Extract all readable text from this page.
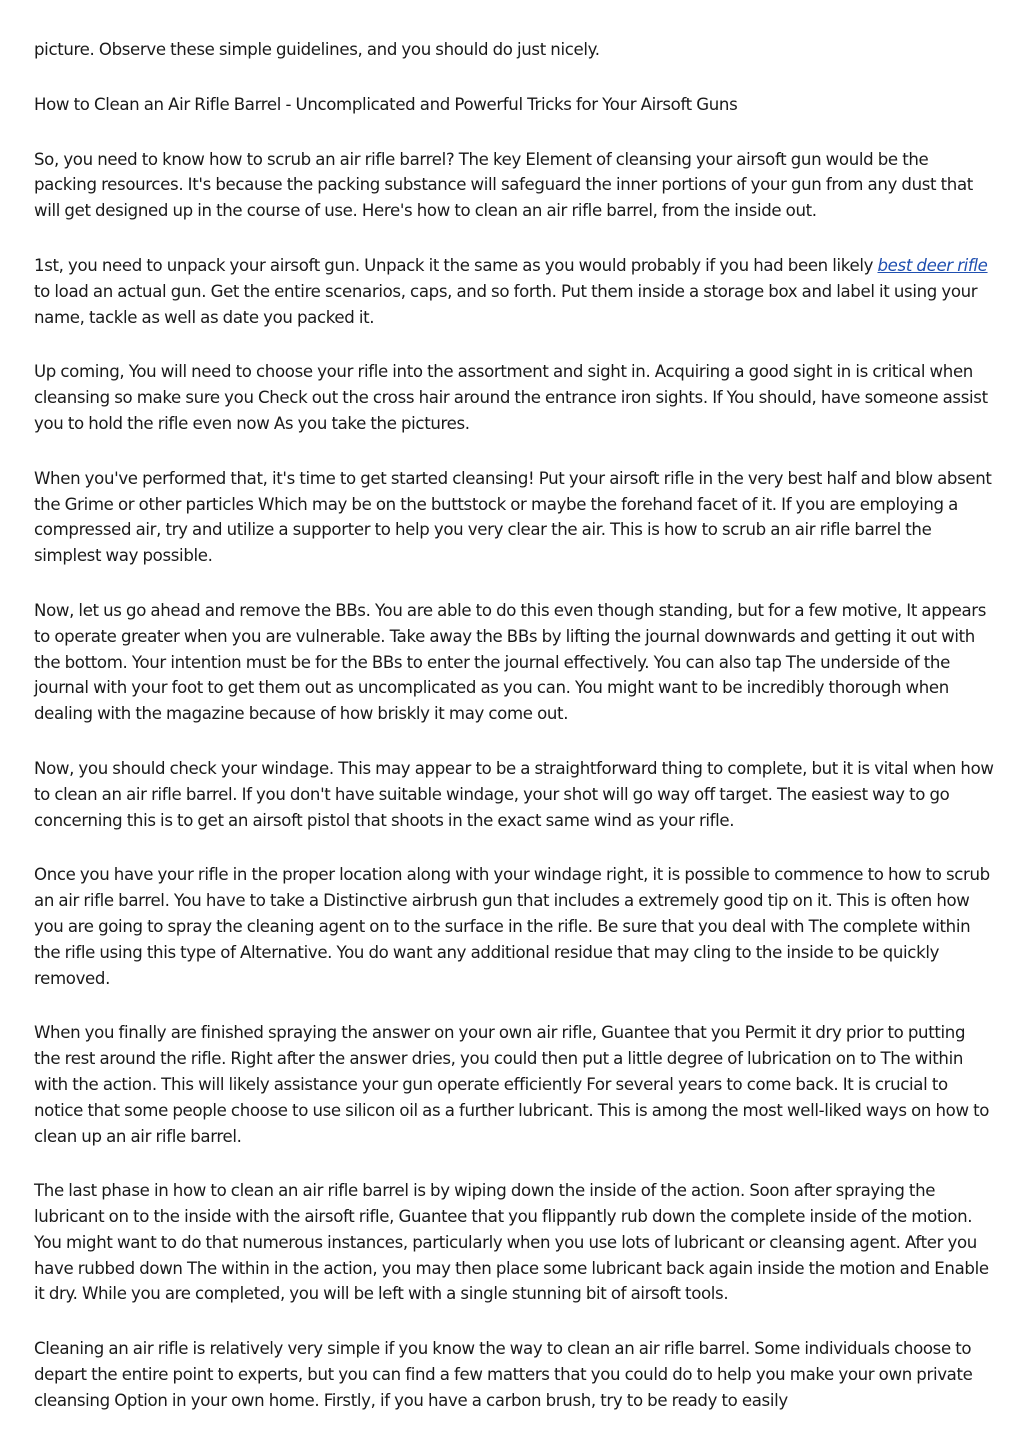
picture. Observe these simple guidelines, and you should do just nicely.

How to Clean an Air Rifle Barrel - Uncomplicated and Powerful Tricks for Your Airsoft Guns

So, you need to know how to scrub an air rifle barrel? The key Element of cleansing your airsoft gun would be the packing resources. It's because the packing substance will safeguard the inner portions of your gun from any dust that will get designed up in the course of use. Here's how to clean an air rifle barrel, from the inside out.

1st, you need to unpack your airsoft gun. Unpack it the same as you would probably if you had been likely best deer rifle to load an actual gun. Get the entire scenarios, caps, and so forth. Put them inside a storage box and label it using your name, tackle as well as date you packed it.

Up coming, You will need to choose your rifle into the assortment and sight in. Acquiring a good sight in is critical when cleansing so make sure you Check out the cross hair around the entrance iron sights. If You should, have someone assist you to hold the rifle even now As you take the pictures.

When you've performed that, it's time to get started cleansing! Put your airsoft rifle in the very best half and blow absent the Grime or other particles Which may be on the buttstock or maybe the forehand facet of it. If you are employing a compressed air, try and utilize a supporter to help you very clear the air. This is how to scrub an air rifle barrel the simplest way possible.

Now, let us go ahead and remove the BBs. You are able to do this even though standing, but for a few motive, It appears to operate greater when you are vulnerable. Take away the BBs by lifting the journal downwards and getting it out with the bottom. Your intention must be for the BBs to enter the journal effectively. You can also tap The underside of the journal with your foot to get them out as uncomplicated as you can. You might want to be incredibly thorough when dealing with the magazine because of how briskly it may come out.

Now, you should check your windage. This may appear to be a straightforward thing to complete, but it is vital when how to clean an air rifle barrel. If you don't have suitable windage, your shot will go way off target. The easiest way to go concerning this is to get an airsoft pistol that shoots in the exact same wind as your rifle.

Once you have your rifle in the proper location along with your windage right, it is possible to commence to how to scrub an air rifle barrel. You have to take a Distinctive airbrush gun that includes a extremely good tip on it. This is often how you are going to spray the cleaning agent on to the surface in the rifle. Be sure that you deal with The complete within the rifle using this type of Alternative. You do want any additional residue that may cling to the inside to be quickly removed.

When you finally are finished spraying the answer on your own air rifle, Guantee that you Permit it dry prior to putting the rest around the rifle. Right after the answer dries, you could then put a little degree of lubrication on to The within with the action. This will likely assistance your gun operate efficiently For several years to come back. It is crucial to notice that some people choose to use silicon oil as a further lubricant. This is among the most well-liked ways on how to clean up an air rifle barrel.

The last phase in how to clean an air rifle barrel is by wiping down the inside of the action. Soon after spraying the lubricant on to the inside with the airsoft rifle, Guantee that you flippantly rub down the complete inside of the motion. You might want to do that numerous instances, particularly when you use lots of lubricant or cleansing agent. After you have rubbed down The within in the action, you may then place some lubricant back again inside the motion and Enable it dry. While you are completed, you will be left with a single stunning bit of airsoft tools.

Cleaning an air rifle is relatively very simple if you know the way to clean an air rifle barrel. Some individuals choose to depart the entire point to experts, but you can find a few matters that you could do to help you make your own private cleansing Option in your own home. Firstly, if you have a carbon brush, try to be ready to easily
